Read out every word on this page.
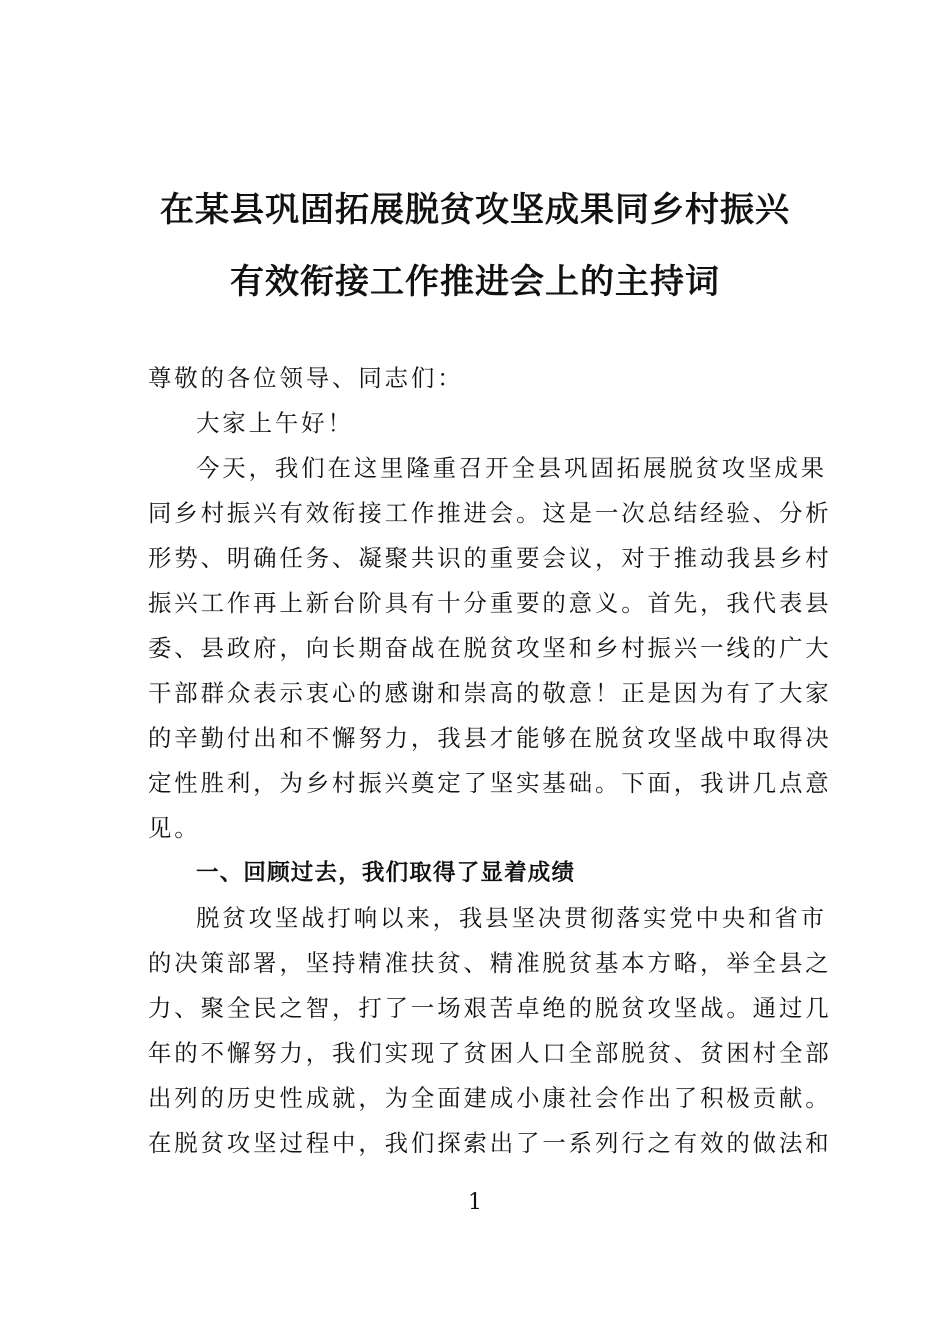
在某县巩固拓展脱贫攻坚成果同乡村振兴
有效衔接工作推进会上的主持词
尊敬的各位领导、同志们：
大家上午好！
今天，我们在这里隆重召开全县巩固拓展脱贫攻坚成果
同乡村振兴有效衔接工作推进会。这是一次总结经验、分析
形势、明确任务、凝聚共识的重要会议，对于推动我县乡村
振兴工作再上新台阶具有十分重要的意义。首先，我代表县
委、县政府，向长期奋战在脱贫攻坚和乡村振兴一线的广大
干部群众表示衷心的感谢和崇高的敬意！正是因为有了大家
的辛勤付出和不懈努力，我县才能够在脱贫攻坚战中取得决
定性胜利，为乡村振兴奠定了坚实基础。下面，我讲几点意
见。
一、回顾过去，我们取得了显着成绩
脱贫攻坚战打响以来，我县坚决贯彻落实党中央和省市
的决策部署，坚持精准扶贫、精准脱贫基本方略，举全县之
力、聚全民之智，打了一场艰苦卓绝的脱贫攻坚战。通过几
年的不懈努力，我们实现了贫困人口全部脱贫、贫困村全部
出列的历史性成就，为全面建成小康社会作出了积极贡献。
在脱贫攻坚过程中，我们探索出了一系列行之有效的做法和
1
